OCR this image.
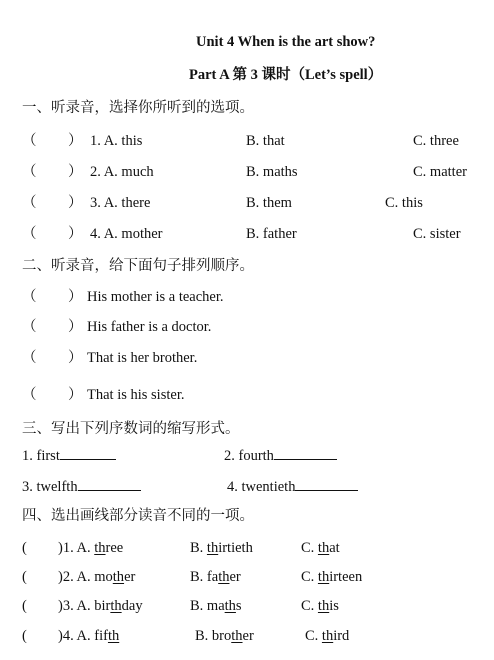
Unit 4 When is the art show?
Part A 第 3 课时（Let’s spell）
一、听录音，选择你所听到的选项。
（ ） 1. A. this	B. that	C. three
（ ） 2. A. much	B. maths	C. matter
（ ） 3. A. there	B. them	C. this
（ ） 4. A. mother	B. father	C. sister
二、听录音，给下面句子排列顺序。
（ ） His mother is a teacher.
（ ） His father is a doctor.
（ ） That is her brother.
（ ） That is his sister.
三、写出下列序数词的缩写形式。
1. first	2. fourth
3. twelfth	4. twentieth
四、选出画线部分读音不同的一项。
( )1. A. three	B. thirtieth	C. that
( )2. A. mother	B. father	C. thirteen
( )3. A. birthday	B. maths	C. this
( )4. A. fifth	B. brother	C. third
